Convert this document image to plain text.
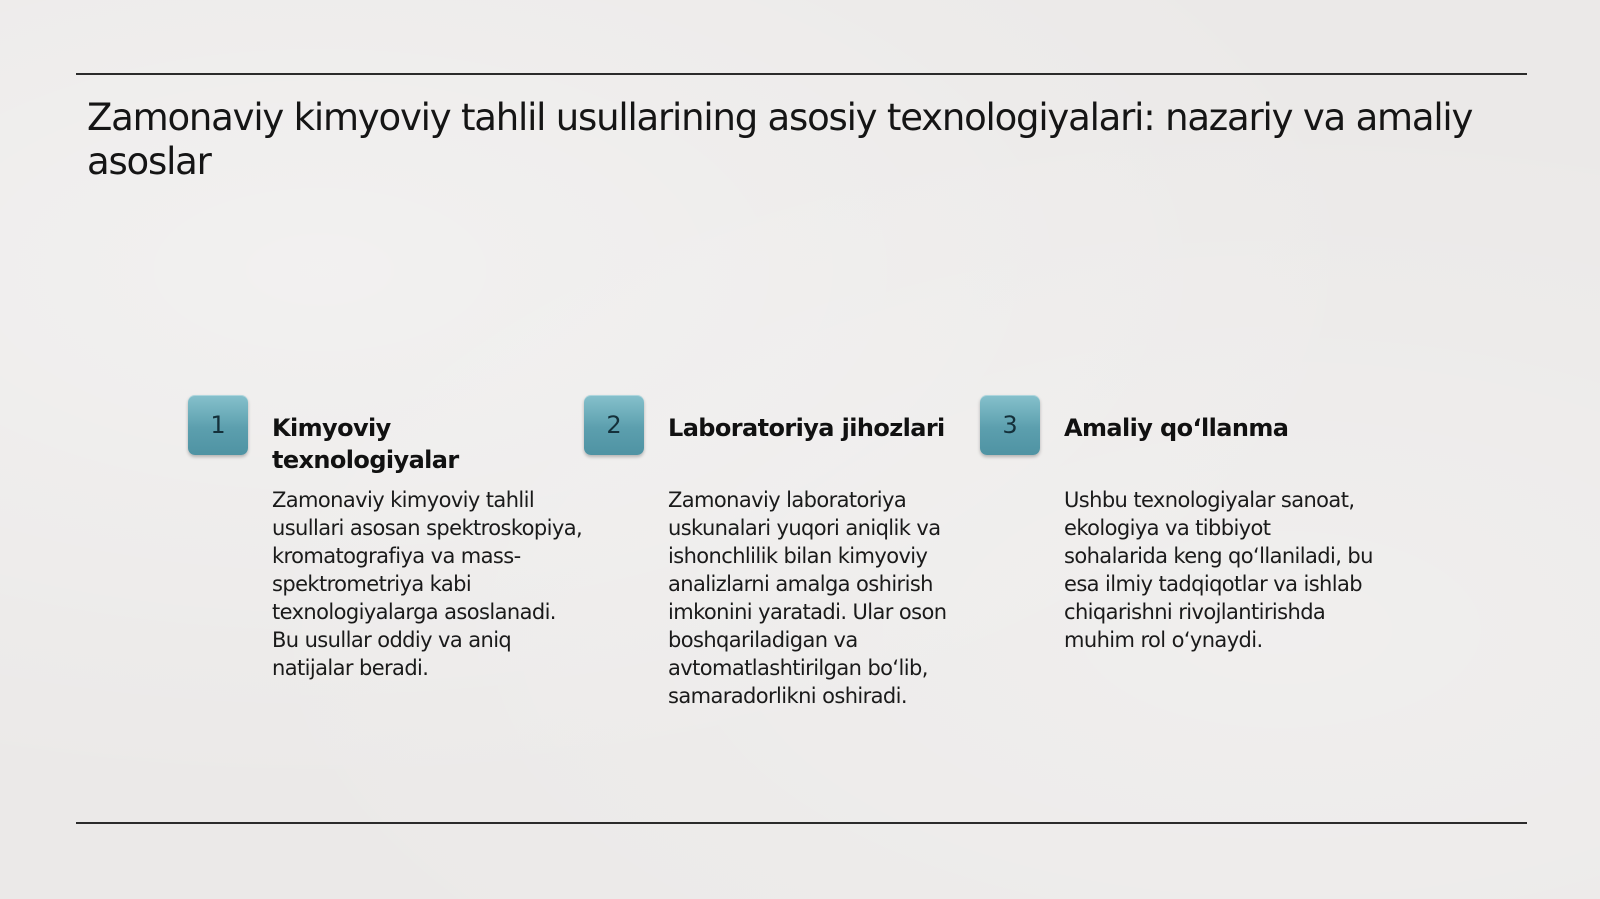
Zamonaviy kimyoviy tahlil usullarining asosiy texnologiyalari: nazariy va amaliy asoslar
1	Kimyoviy texnologiyalar

Zamonaviy kimyoviy tahlil usullari asosan spektroskopiya, kromatografiya va mass-spektrometriya kabi texnologiyalarga asoslanadi. Bu usullar oddiy va aniq natijalar beradi.

2	Laboratoriya jihozlari

Zamonaviy laboratoriya uskunalari yuqori aniqlik va ishonchlilik bilan kimyoviy analizlarni amalga oshirish imkonini yaratadi. Ular oson boshqariladigan va avtomatlashtirilgan bo‘lib, samaradorlikni oshiradi.

3	Amaliy qo‘llanma

Ushbu texnologiyalar sanoat, ekologiya va tibbiyot sohalarida keng qo‘llaniladi, bu esa ilmiy tadqiqotlar va ishlab chiqarishni rivojlantirishda muhim rol o‘ynaydi.
